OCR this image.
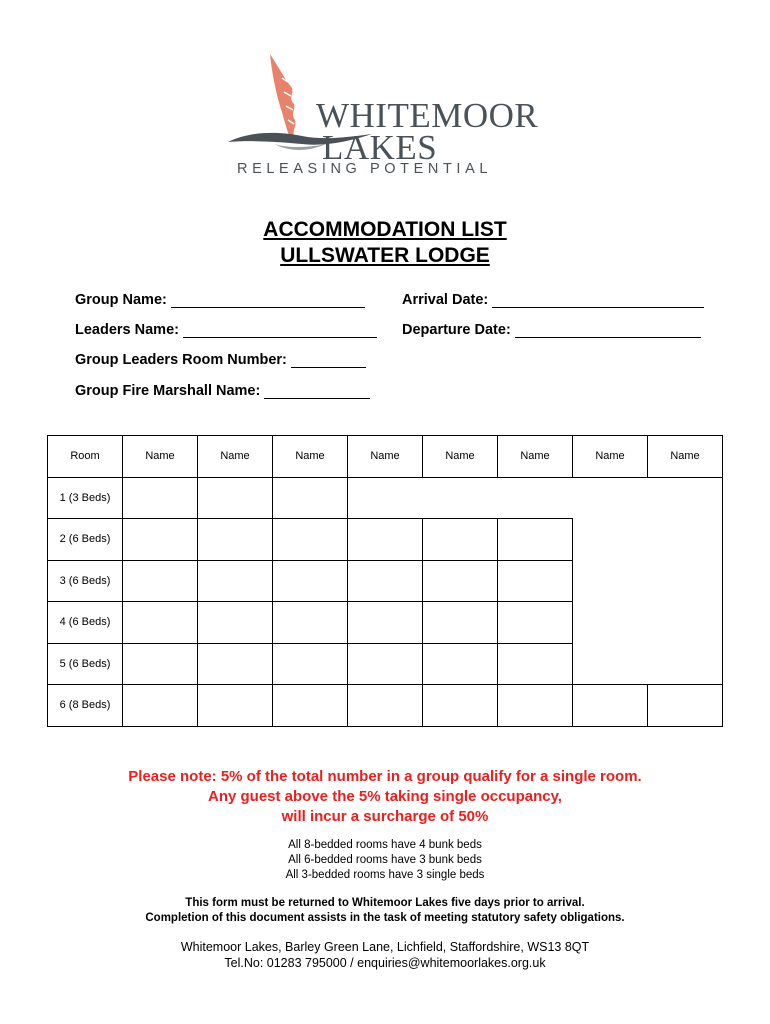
WHITEMOOR
LAKES
RELEASING POTENTIAL
ACCOMMODATION LIST
ULLSWATER LODGE
Group Name:	Arrival Date:
Leaders Name:	Departure Date:
Group Leaders Room Number:
Group Fire Marshall Name:
Room	Name	Name	Name	Name	Name	Name	Name	Name
1 (3 Beds)								
2 (6 Beds)								
3 (6 Beds)								
4 (6 Beds)								
5 (6 Beds)								
6 (8 Beds)								
Please note: 5% of the total number in a group qualify for a single room.
Any guest above the 5% taking single occupancy,
will incur a surcharge of 50%
All 8-bedded rooms have 4 bunk beds
All 6-bedded rooms have 3 bunk beds
All 3-bedded rooms have 3 single beds
This form must be returned to Whitemoor Lakes five days prior to arrival.
Completion of this document assists in the task of meeting statutory safety obligations.
Whitemoor Lakes, Barley Green Lane, Lichfield, Staffordshire, WS13 8QT
Tel.No: 01283 795000 / enquiries@whitemoorlakes.org.uk
